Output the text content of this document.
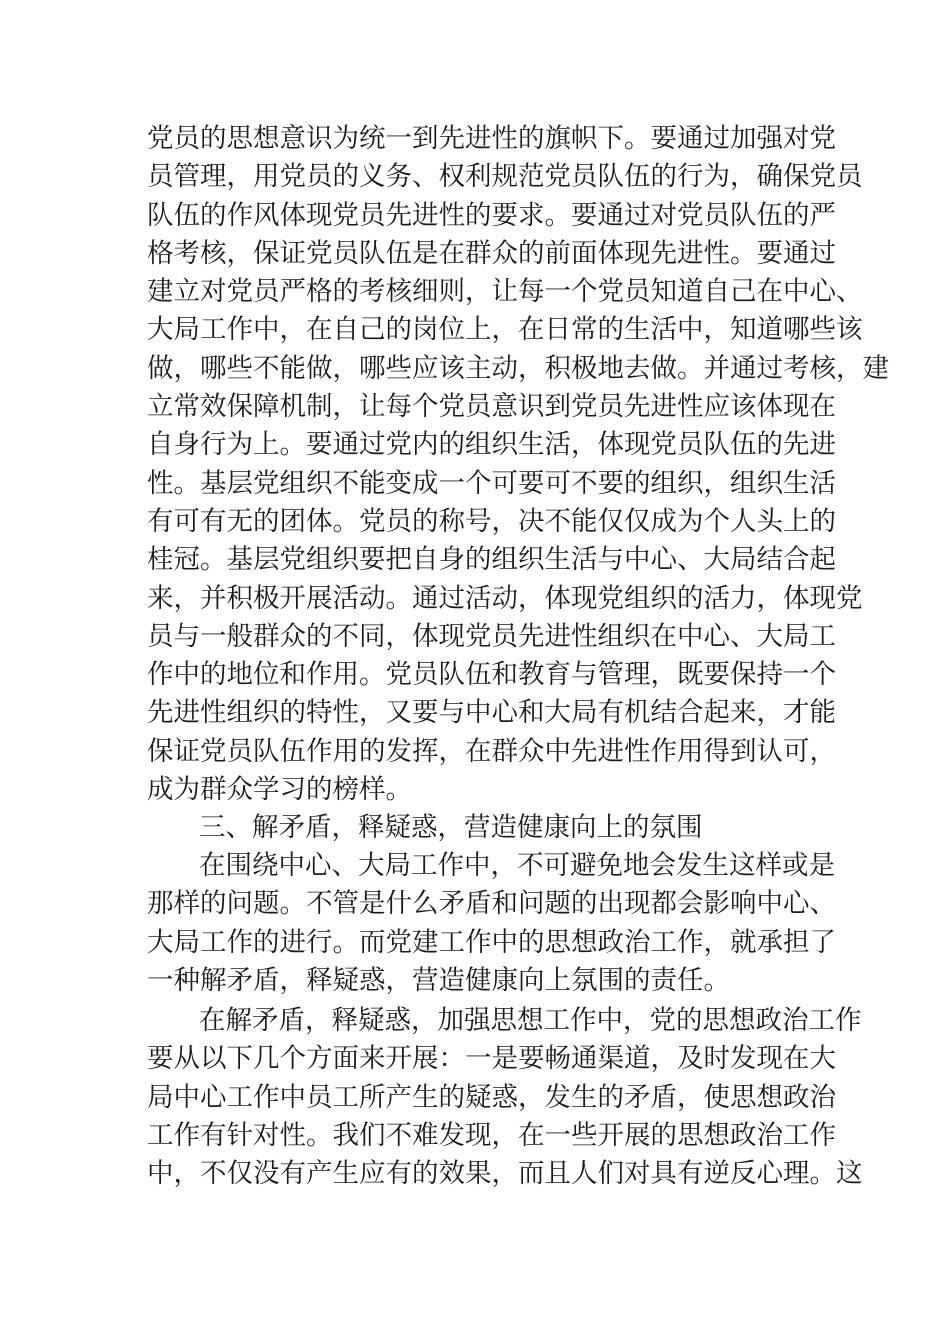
党员的思想意识为统一到先进性的旗帜下。要通过加强对党
员管理，用党员的义务、权利规范党员队伍的行为，确保党员
队伍的作风体现党员先进性的要求。要通过对党员队伍的严
格考核，保证党员队伍是在群众的前面体现先进性。要通过
建立对党员严格的考核细则，让每一个党员知道自己在中心、
大局工作中，在自己的岗位上，在日常的生活中，知道哪些该
做，哪些不能做，哪些应该主动，积极地去做。并通过考核，建
立常效保障机制，让每个党员意识到党员先进性应该体现在
自身行为上。要通过党内的组织生活，体现党员队伍的先进
性。基层党组织不能变成一个可要可不要的组织，组织生活
有可有无的团体。党员的称号，决不能仅仅成为个人头上的
桂冠。基层党组织要把自身的组织生活与中心、大局结合起
来，并积极开展活动。通过活动，体现党组织的活力，体现党
员与一般群众的不同，体现党员先进性组织在中心、大局工
作中的地位和作用。党员队伍和教育与管理，既要保持一个
先进性组织的特性，又要与中心和大局有机结合起来，才能
保证党员队伍作用的发挥，在群众中先进性作用得到认可，
成为群众学习的榜样。
三、解矛盾，释疑惑，营造健康向上的氛围
在围绕中心、大局工作中，不可避免地会发生这样或是
那样的问题。不管是什么矛盾和问题的出现都会影响中心、
大局工作的进行。而党建工作中的思想政治工作，就承担了
一种解矛盾，释疑惑，营造健康向上氛围的责任。
在解矛盾，释疑惑，加强思想工作中，党的思想政治工作
要从以下几个方面来开展：一是要畅通渠道，及时发现在大
局中心工作中员工所产生的疑惑，发生的矛盾，使思想政治
工作有针对性。我们不难发现，在一些开展的思想政治工作
中，不仅没有产生应有的效果，而且人们对具有逆反心理。这
